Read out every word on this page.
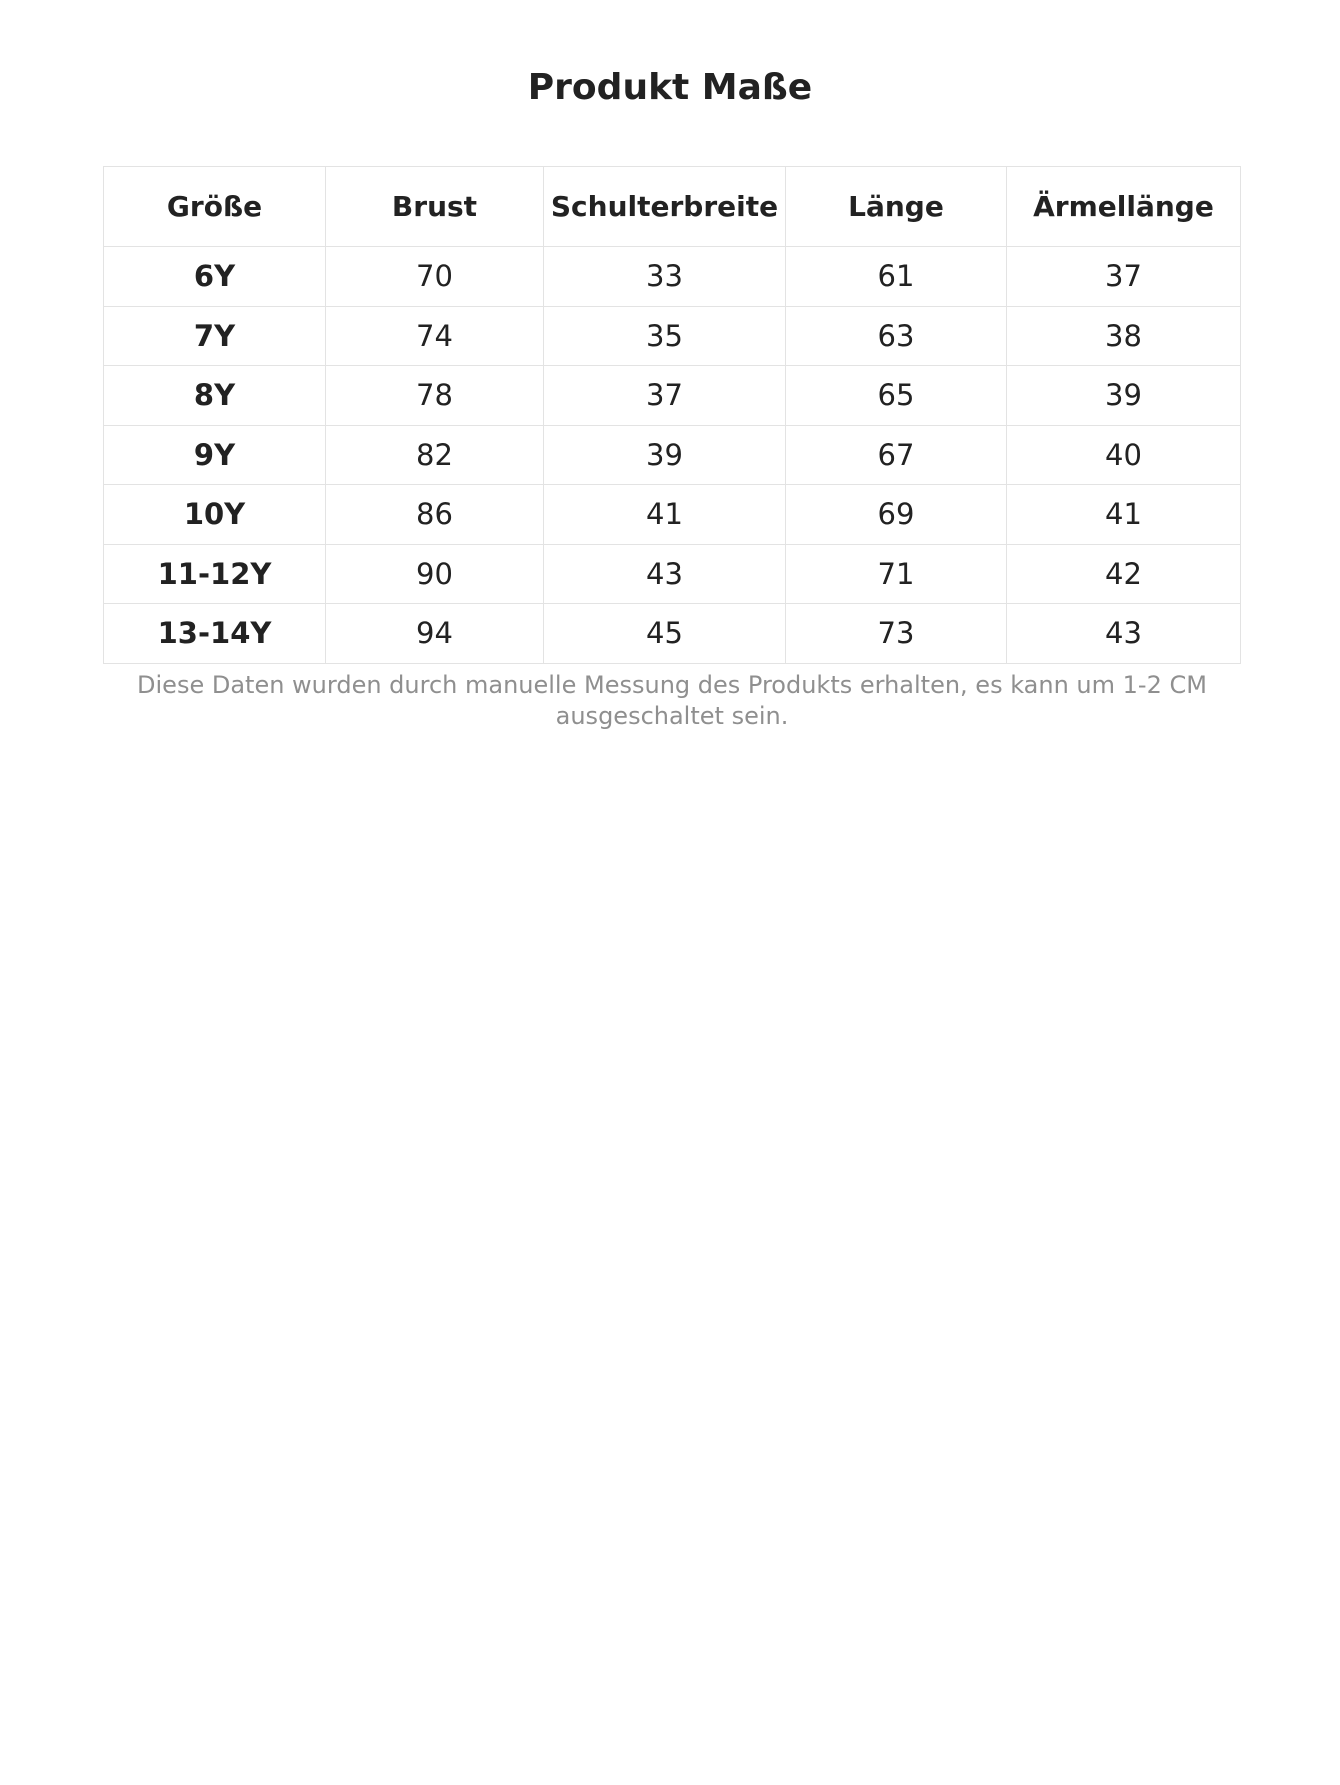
Produkt Maße
Größe	Brust	Schulterbreite	Länge	Ärmellänge
6Y	70	33	61	37
7Y	74	35	63	38
8Y	78	37	65	39
9Y	82	39	67	40
10Y	86	41	69	41
11-12Y	90	43	71	42
13-14Y	94	45	73	43

Diese Daten wurden durch manuelle Messung des Produkts erhalten, es kann um 1-2 CM ausgeschaltet sein.
